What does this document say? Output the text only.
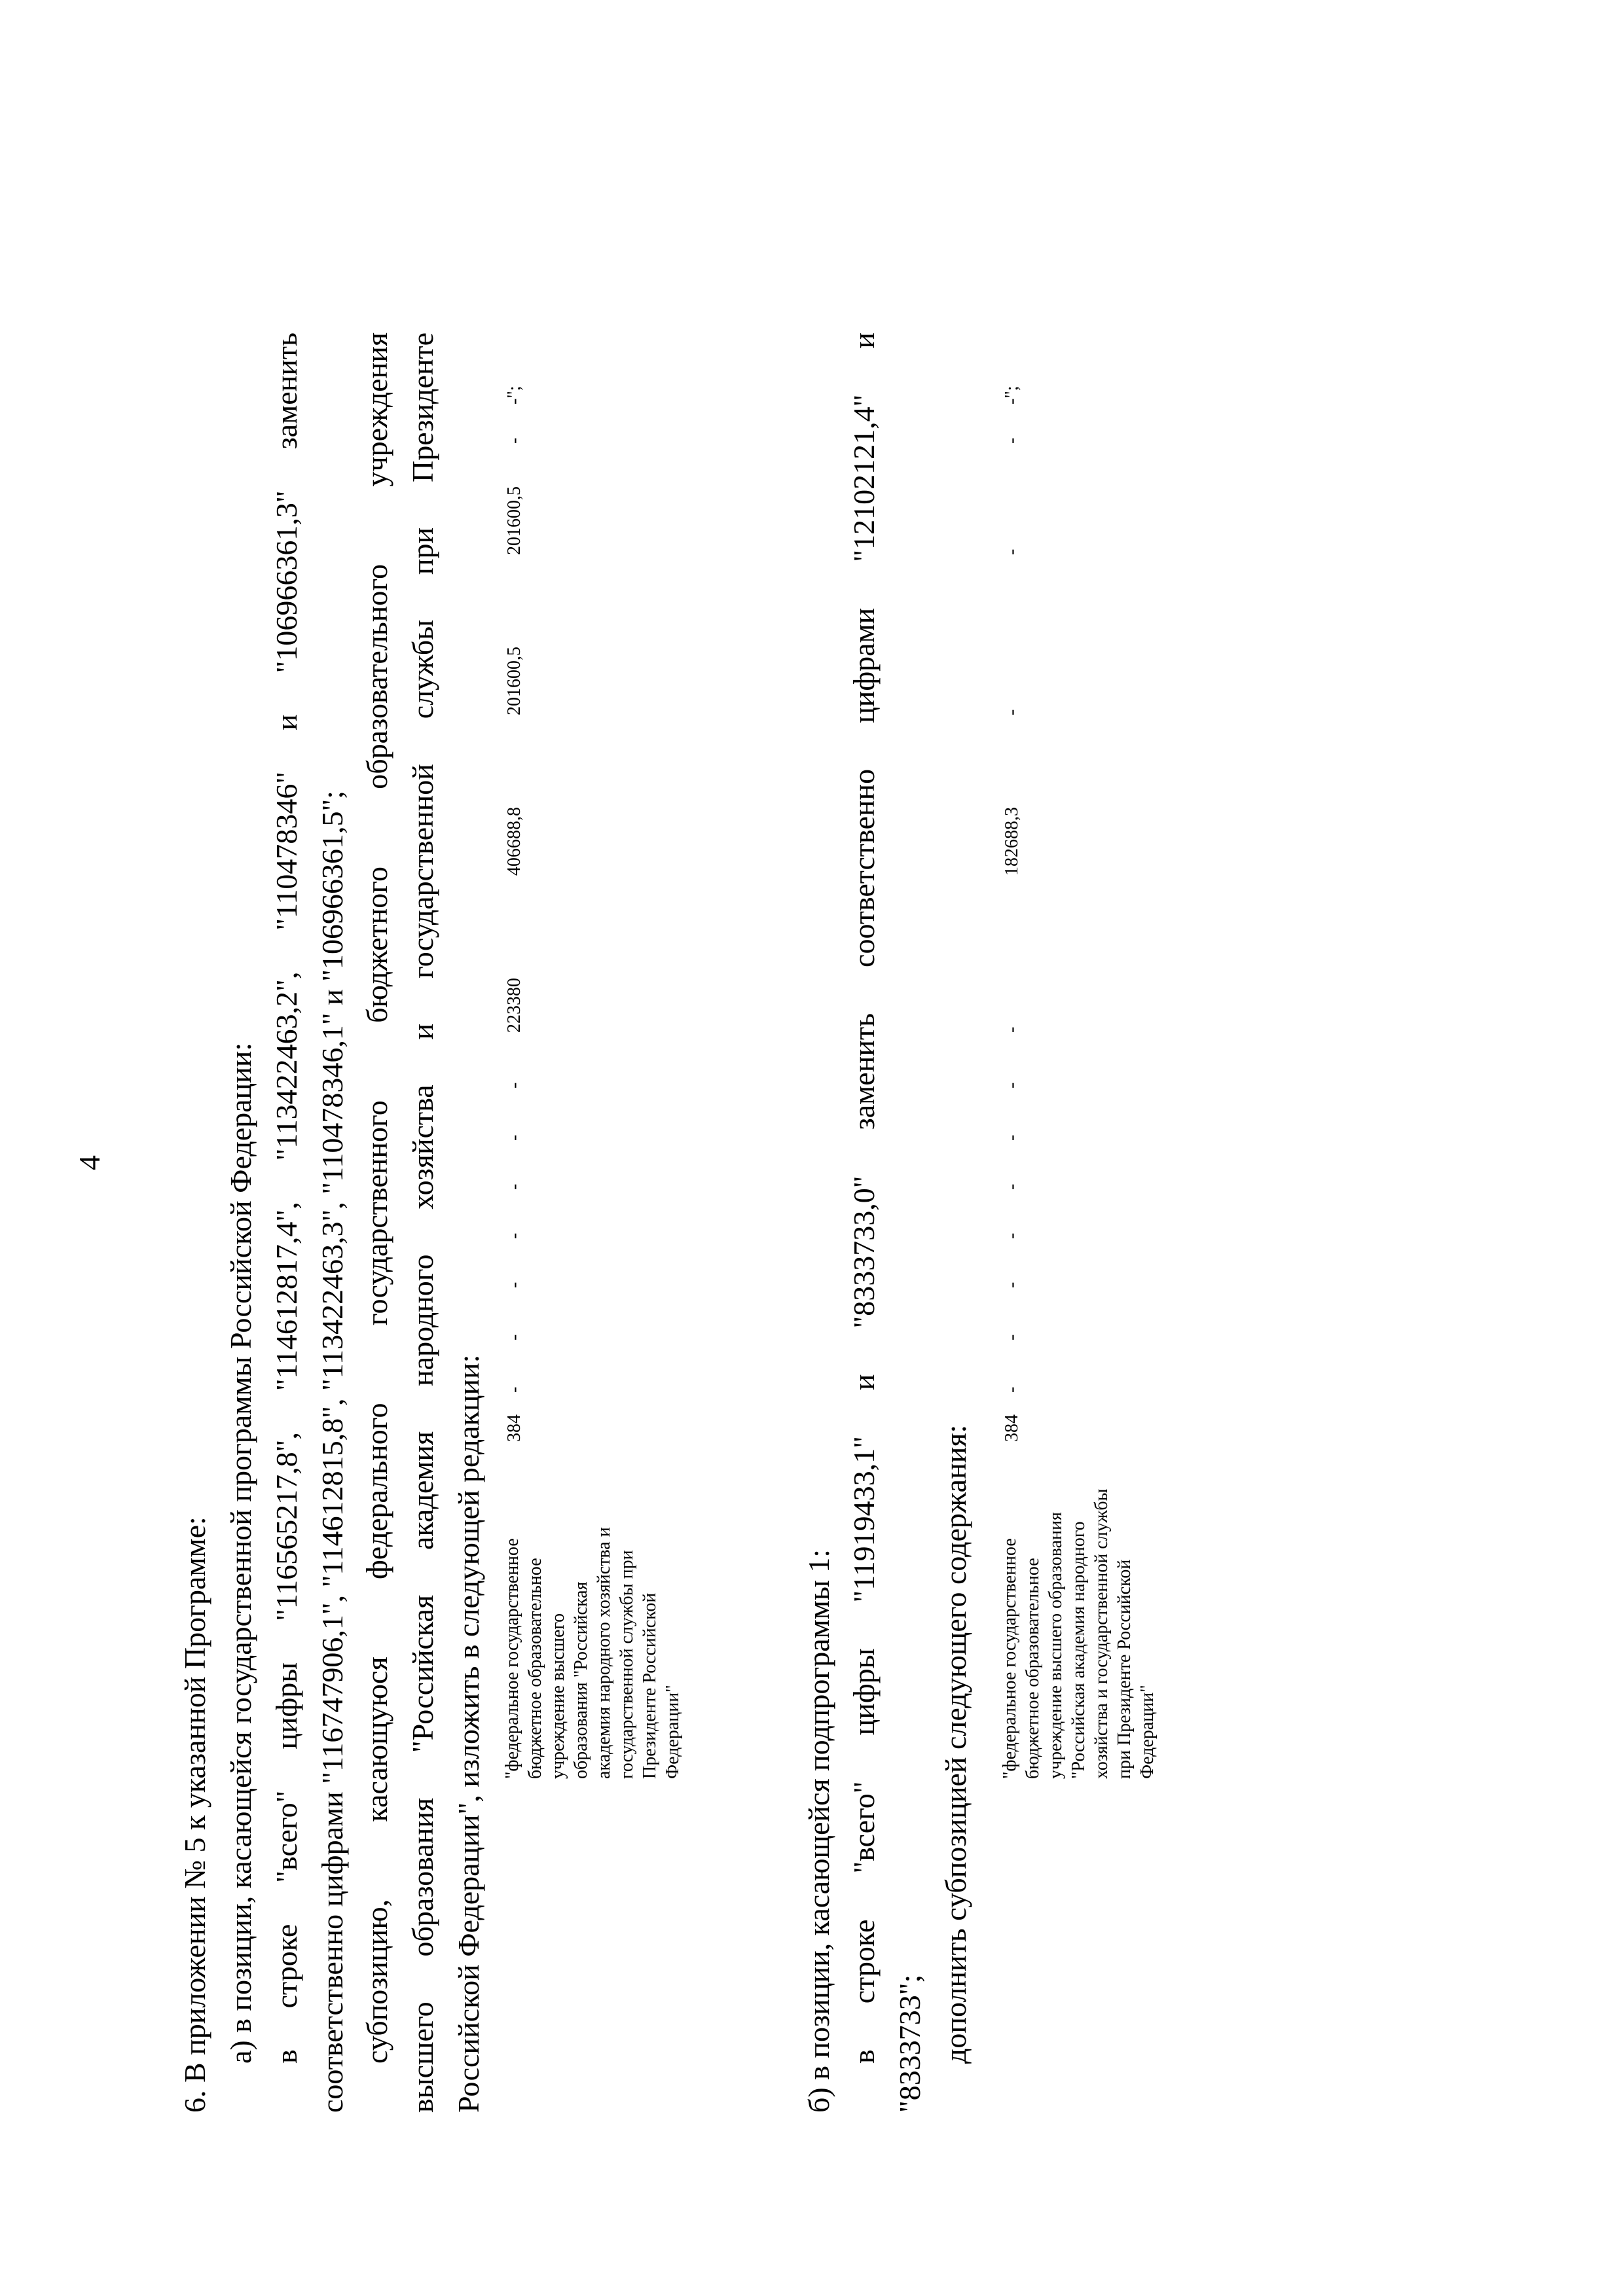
4
6. В приложении № 5 к указанной Программе: а) в позиции, касающейся государственной программы Российской Федерации: в строке "всего" цифры "116565217,8", "114612817,4", "113422463,2", "110478346" и "106966361,3" заменить соответственно цифрами "116747906,1", "114612815,8", "113422463,3", "110478346,1" и "106966361,5"; субпозицию, касающуюся федерального государственного бюджетного образовательного учреждения высшего образования "Российская академия народного хозяйства и государственной службы при Президенте Российской Федерации", изложить в следующей редакции: "федеральное государственное бюджетное образовательное учреждение высшего образования "Российская академия народного хозяйства и государственной службы при Президенте Российской Федерации"
384
-
-
-
-
-
-
-
223380
406688,8
201600,5
201600,5
-
-";
б) в позиции, касающейся подпрограммы 1: в строке "всего" цифры "11919433,1" и "8333733,0" заменить соответственно цифрами "12102121,4" и "8333733"; дополнить субпозицией следующего содержания: "федеральное государственное бюджетное образовательное учреждение высшего образования "Российская академия народного хозяйства и государственной службы при Президенте Российской Федерации"
384
-
-
-
-
-
-
-
-
182688,3
-
-
-
-";
